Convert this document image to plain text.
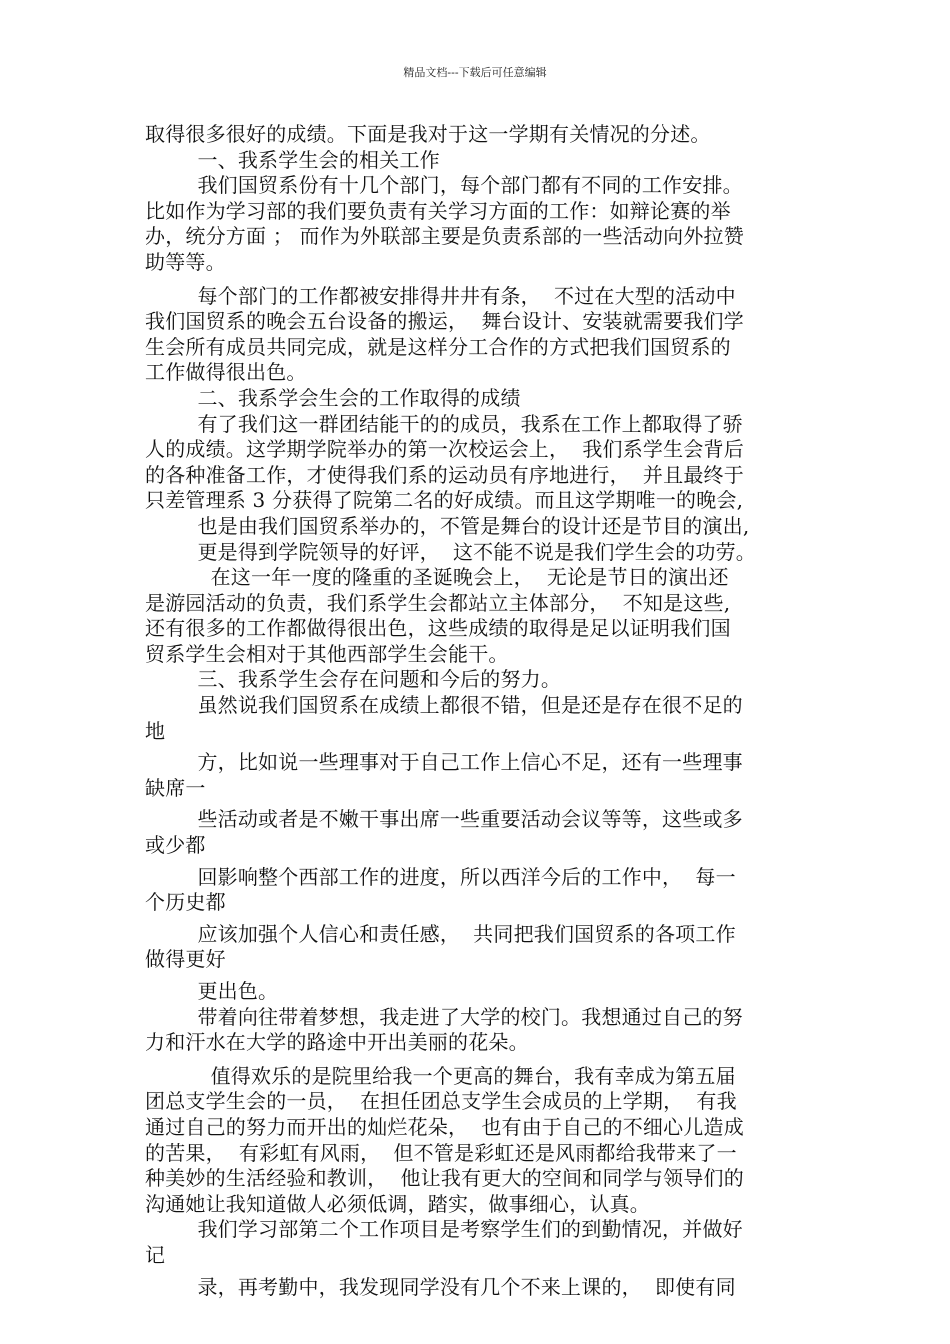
精品文档---下载后可任意编辑
取得很多很好的成绩。下面是我对于这一学期有关情况的分述。
一、我系学生会的相关工作
我们国贸系份有十几个部门，每个部门都有不同的工作安排。
比如作为学习部的我们要负责有关学习方面的工作：如辩论赛的举
办，统分方面 ； 而作为外联部主要是负责系部的一些活动向外拉赞
助等等。
每个部门的工作都被安排得井井有条，  不过在大型的活动中
我们国贸系的晚会五台设备的搬运，  舞台设计、安装就需要我们学
生会所有成员共同完成，就是这样分工合作的方式把我们国贸系的
工作做得很出色。
二、我系学会生会的工作取得的成绩
有了我们这一群团结能干的的成员，我系在工作上都取得了骄
人的成绩。这学期学院举办的第一次校运会上，  我们系学生会背后
的各种准备工作，才使得我们系的运动员有序地进行，  并且最终于
只差管理系 3 分获得了院第二名的好成绩。而且这学期唯一的晚会,
也是由我们国贸系举办的，不管是舞台的设计还是节目的演出,
更是得到学院领导的好评，  这不能不说是我们学生会的功劳。
在这一年一度的隆重的圣诞晚会上，  无论是节日的演出还
是游园活动的负责，我们系学生会都站立主体部分，  不知是这些,
还有很多的工作都做得很出色，这些成绩的取得是足以证明我们国
贸系学生会相对于其他西部学生会能干。
三、我系学生会存在问题和今后的努力。
虽然说我们国贸系在成绩上都很不错，但是还是存在很不足的
地
方，比如说一些理事对于自己工作上信心不足，还有一些理事
缺席一
些活动或者是不嫩干事出席一些重要活动会议等等，这些或多
或少都
回影响整个西部工作的进度，所以西洋今后的工作中，  每一
个历史都
应该加强个人信心和责任感，  共同把我们国贸系的各项工作
做得更好
更出色。
带着向往带着梦想，我走进了大学的校门。我想通过自己的努
力和汗水在大学的路途中开出美丽的花朵。
值得欢乐的是院里给我一个更高的舞台，我有幸成为第五届
团总支学生会的一员，  在担任团总支学生会成员的上学期，  有我
通过自己的努力而开出的灿烂花朵，  也有由于自己的不细心儿造成
的苦果，  有彩虹有风雨，  但不管是彩虹还是风雨都给我带来了一
种美妙的生活经验和教训，  他让我有更大的空间和同学与领导们的
沟通她让我知道做人必须低调，踏实，做事细心，认真。
我们学习部第二个工作项目是考察学生们的到勤情况，并做好
记
录，再考勤中，我发现同学没有几个不来上课的，  即使有同
